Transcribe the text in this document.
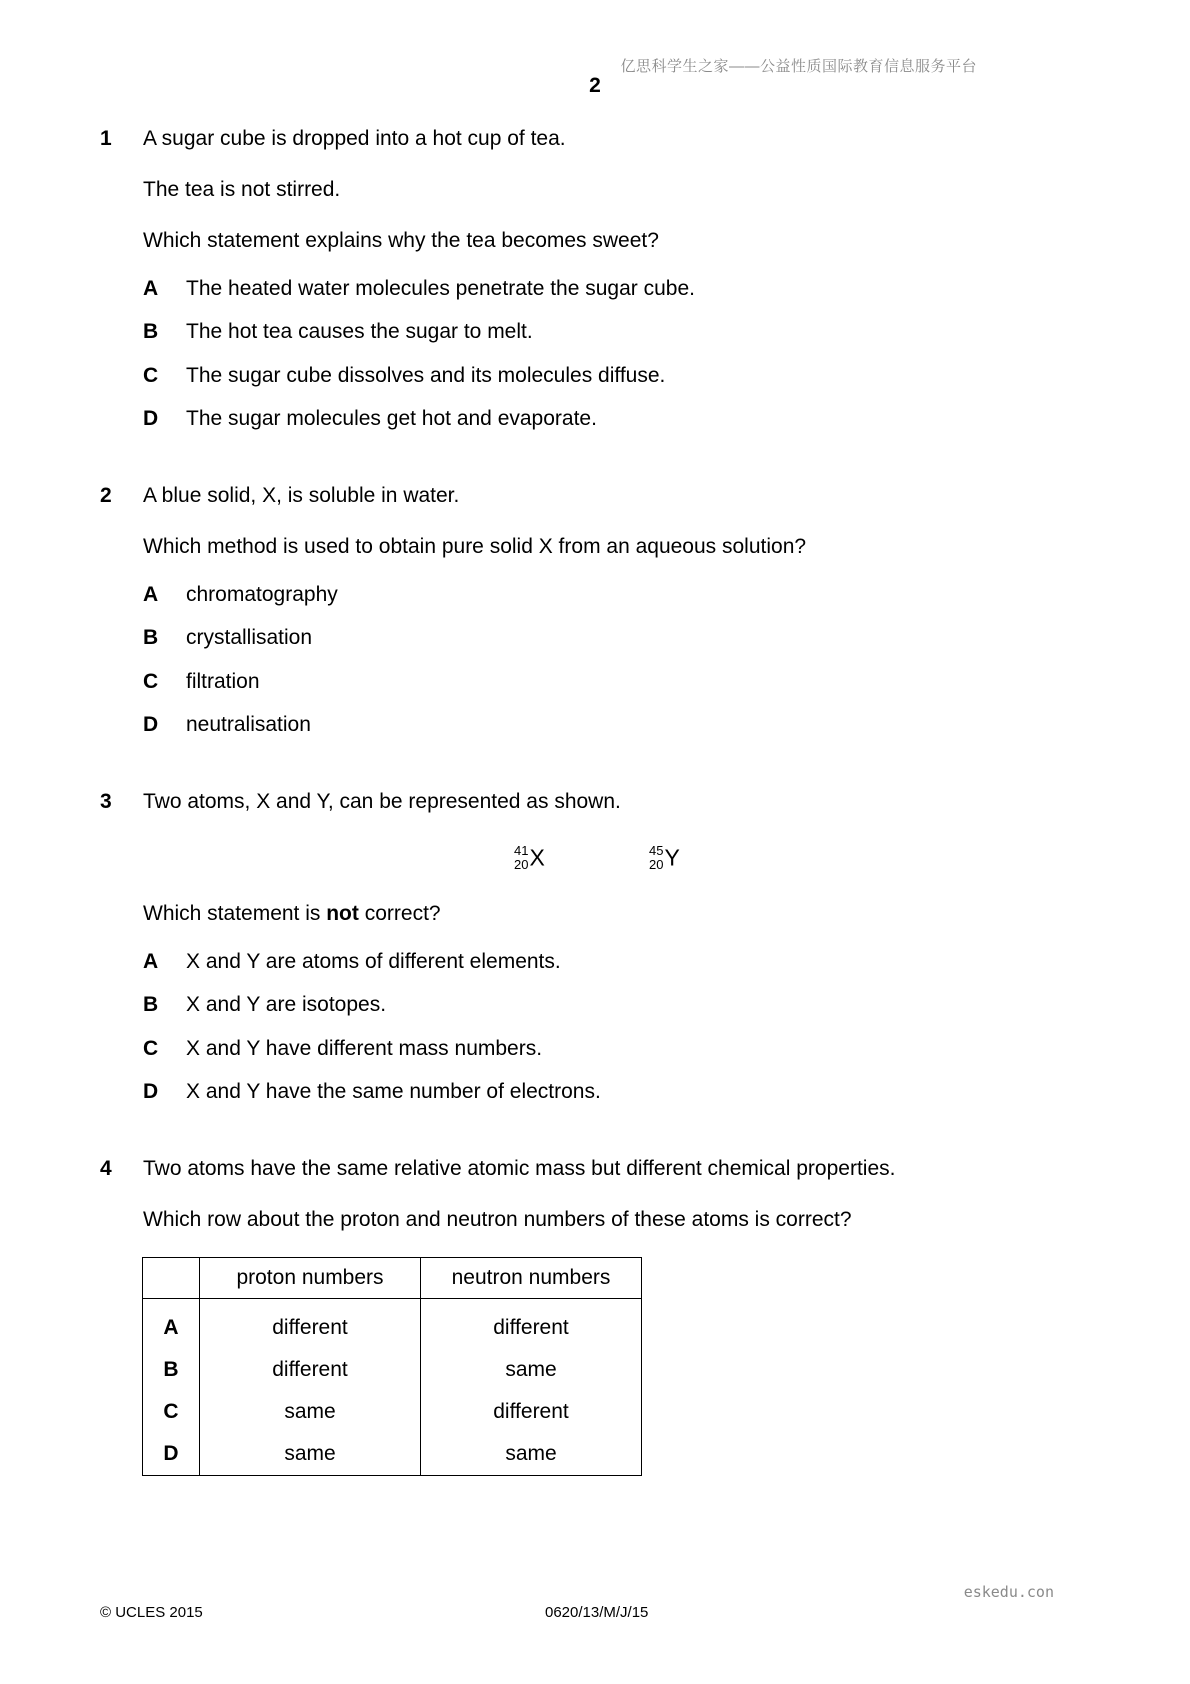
亿思科学生之家——公益性质国际教育信息服务平台
2
1 A sugar cube is dropped into a hot cup of tea.
The tea is not stirred.
Which statement explains why the tea becomes sweet?
A The heated water molecules penetrate the sugar cube.
B The hot tea causes the sugar to melt.
C The sugar cube dissolves and its molecules diffuse.
D The sugar molecules get hot and evaporate.
2 A blue solid, X, is soluble in water.
Which method is used to obtain pure solid X from an aqueous solution?
A chromatography
B crystallisation
C filtration
D neutralisation
3 Two atoms, X and Y, can be represented as shown.
41
20 X	45
20 Y
Which statement is not correct?
A X and Y are atoms of different elements.
B X and Y are isotopes.
C X and Y have different mass numbers.
D X and Y have the same number of electrons.
4 Two atoms have the same relative atomic mass but different chemical properties.
Which row about the proton and neutron numbers of these atoms is correct?
	proton numbers	neutron numbers
A	different	different
B	different	same
C	same	different
D	same	same
eskedu.con
© UCLES 2015	0620/13/M/J/15
